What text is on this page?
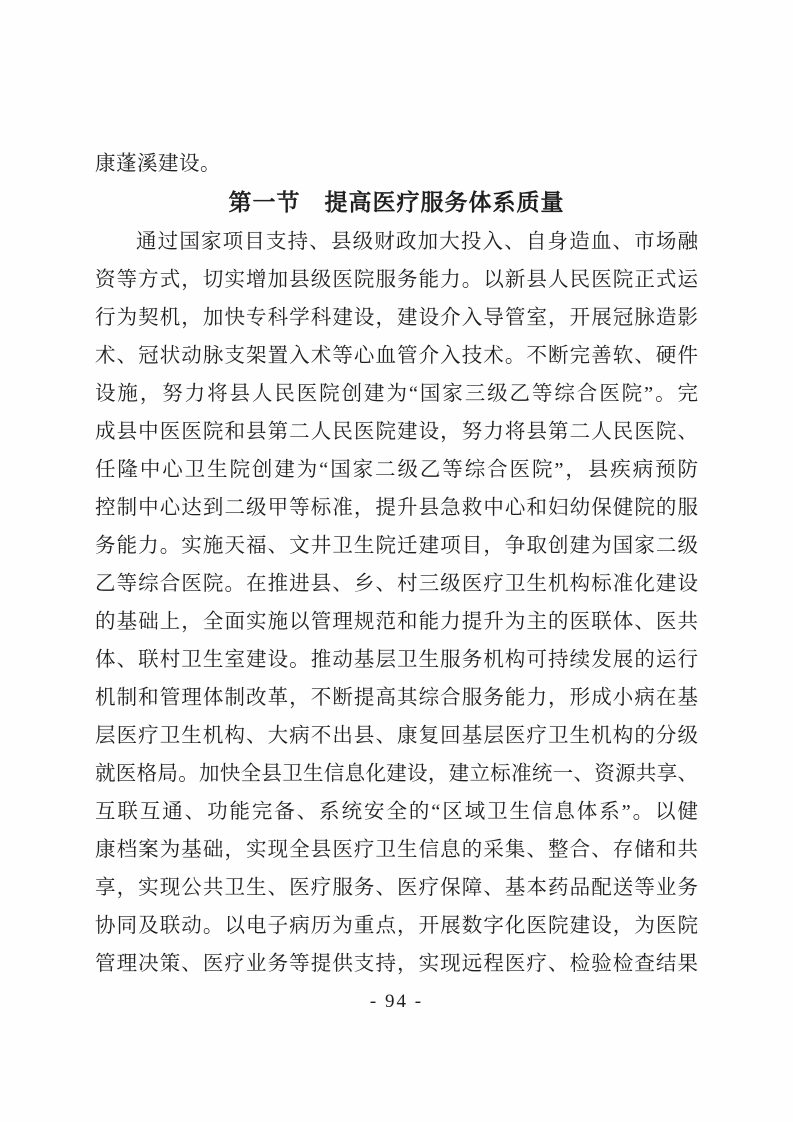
康蓬溪建设。
第一节　提高医疗服务体系质量
通过国家项目支持、县级财政加大投入、自身造血、市场融
资等方式，切实增加县级医院服务能力。以新县人民医院正式运
行为契机，加快专科学科建设，建设介入导管室，开展冠脉造影
术、冠状动脉支架置入术等心血管介入技术。不断完善软、硬件
设施，努力将县人民医院创建为“国家三级乙等综合医院”。完
成县中医医院和县第二人民医院建设，努力将县第二人民医院、
任隆中心卫生院创建为“国家二级乙等综合医院”，县疾病预防
控制中心达到二级甲等标准，提升县急救中心和妇幼保健院的服
务能力。实施天福、文井卫生院迁建项目，争取创建为国家二级
乙等综合医院。在推进县、乡、村三级医疗卫生机构标准化建设
的基础上，全面实施以管理规范和能力提升为主的医联体、医共
体、联村卫生室建设。推动基层卫生服务机构可持续发展的运行
机制和管理体制改革，不断提高其综合服务能力，形成小病在基
层医疗卫生机构、大病不出县、康复回基层医疗卫生机构的分级
就医格局。加快全县卫生信息化建设，建立标准统一、资源共享、
互联互通、功能完备、系统安全的“区域卫生信息体系”。以健
康档案为基础，实现全县医疗卫生信息的采集、整合、存储和共
享，实现公共卫生、医疗服务、医疗保障、基本药品配送等业务
协同及联动。以电子病历为重点，开展数字化医院建设，为医院
管理决策、医疗业务等提供支持，实现远程医疗、检验检查结果
- 94 -
